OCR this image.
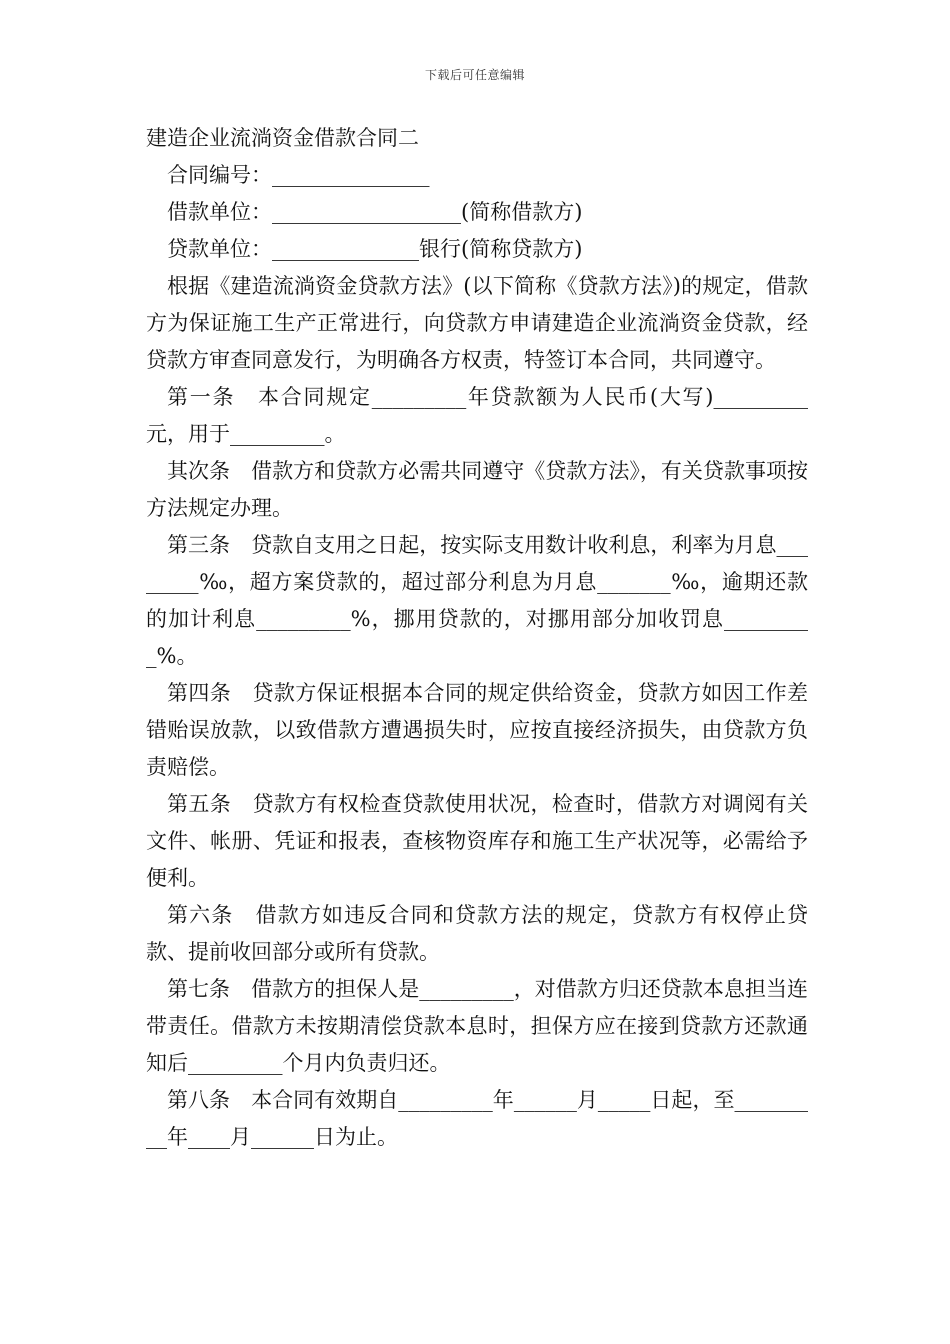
下载后可任意编辑
建造企业流淌资金借款合同二

合同编号：_______________

借款单位：__________________(简称借款方)

贷款单位：______________银行(简称贷款方)

根据《建造流淌资金贷款方法》(以下简称《贷款方法》)的规定，借款方为保证施工生产正常进行，向贷款方申请建造企业流淌资金贷款，经贷款方审查同意发行，为明确各方权责，特签订本合同，共同遵守。

第一条　本合同规定_________年贷款额为人民币(大写)_________元，用于_________。

其次条　借款方和贷款方必需共同遵守《贷款方法》，有关贷款事项按方法规定办理。

第三条　贷款自支用之日起，按实际支用数计收利息，利率为月息________‰，超方案贷款的，超过部分利息为月息_______‰，逾期还款的加计利息_________%，挪用贷款的，对挪用部分加收罚息_________%。

第四条　贷款方保证根据本合同的规定供给资金，贷款方如因工作差错贻误放款，以致借款方遭遇损失时，应按直接经济损失，由贷款方负责赔偿。

第五条　贷款方有权检查贷款使用状况，检查时，借款方对调阅有关文件、帐册、凭证和报表，查核物资库存和施工生产状况等，必需给予便利。

第六条　借款方如违反合同和贷款方法的规定，贷款方有权停止贷款、提前收回部分或所有贷款。

第七条　借款方的担保人是_________，对借款方归还贷款本息担当连带责任。借款方未按期清偿贷款本息时，担保方应在接到贷款方还款通知后_________个月内负责归还。

第八条　本合同有效期自_________年______月_____日起，至_________年____月______日为止。
